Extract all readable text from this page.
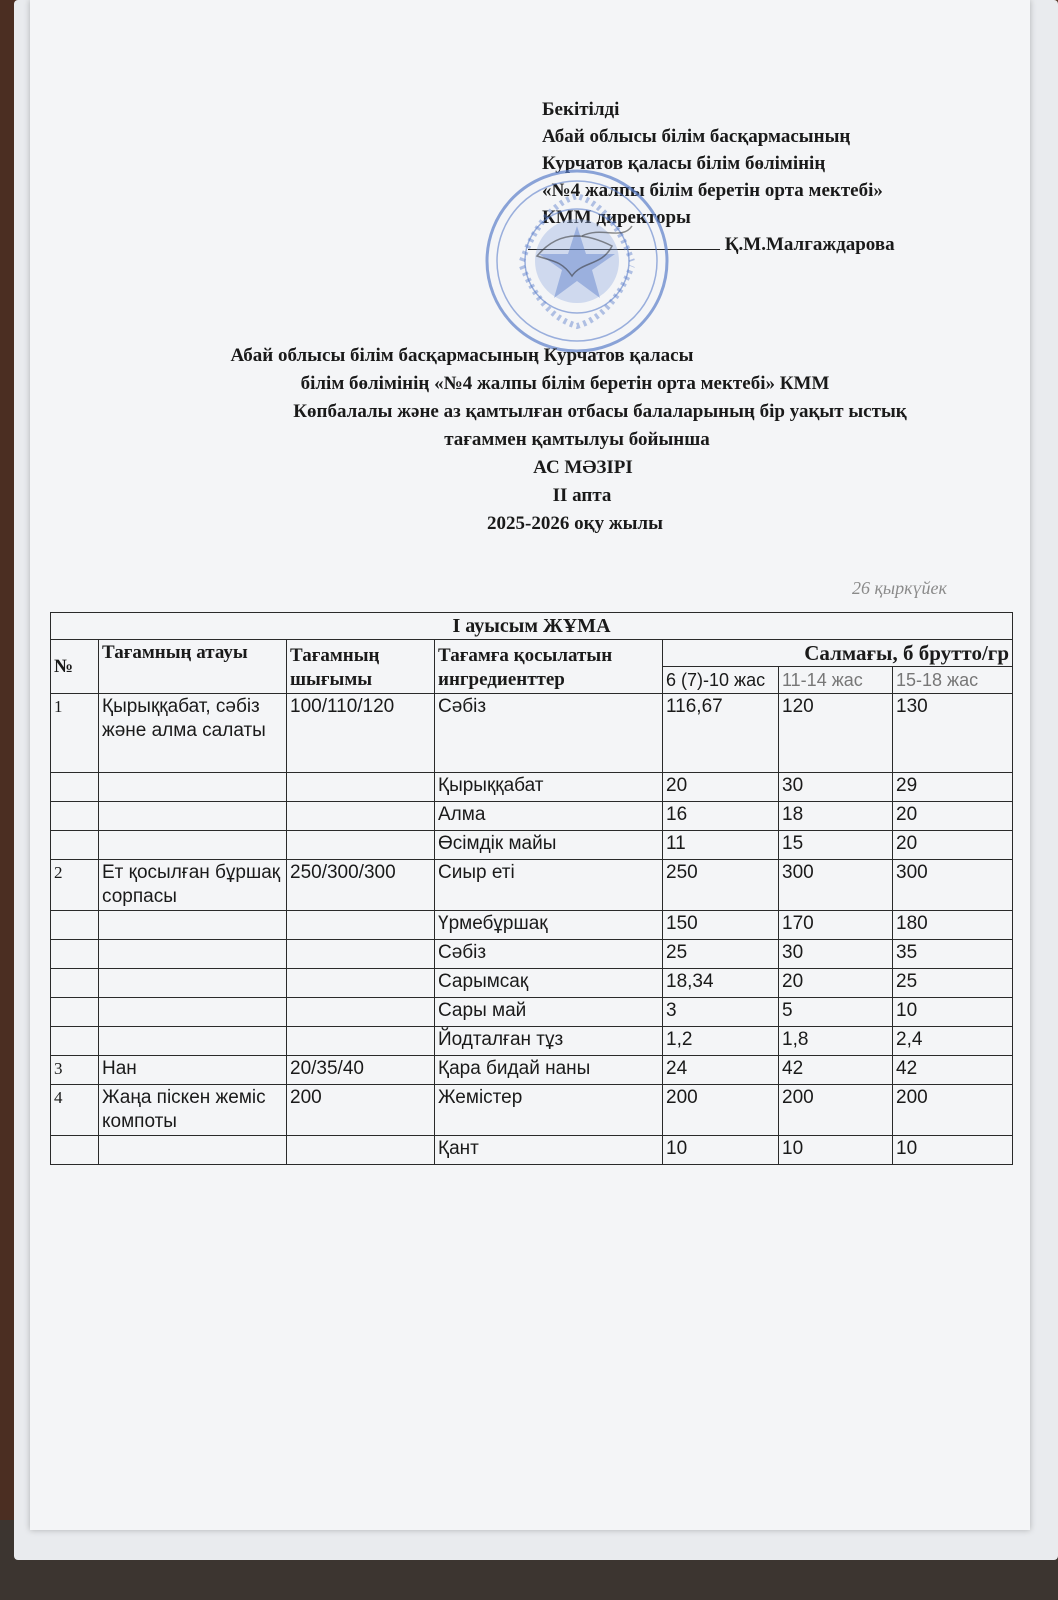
Бекітілді
Абай облысы білім басқармасының
Курчатов қаласы білім бөлімінің
«№4 жалпы білім беретін орта мектебі»
КММ директоры
Қ.М.Малгаждарова
Абай облысы білім басқармасының Курчатов қаласы
білім бөлімінің «№4 жалпы білім беретін орта мектебі» КММ
Көпбалалы және аз қамтылған отбасы балаларының бір уақыт ыстық
тағаммен қамтылуы бойынша
АС МӘЗІРІ
ІІ апта
2025-2026 оқу жылы
26 қыркүйек
І ауысым ЖҰМА						
№	Тағамның атауы	Тағамның шығымы	Тағамға қосылатын ингредиенттер	Салмағы, б брутто/гр		
				6 (7)-10 жас	11-14 жас	15-18 жас
1	Қырыққабат, сәбіз және алма салаты	100/110/120	Сәбіз	116,67	120	130
			Қырыққабат	20	30	29
			Алма	16	18	20
			Өсімдік майы	11	15	20
2	Ет қосылған бұршақ сорпасы	250/300/300	Сиыр еті	250	300	300
			Үрмебұршақ	150	170	180
			Сәбіз	25	30	35
			Сарымсақ	18,34	20	25
			Сары май	3	5	10
			Йодталған тұз	1,2	1,8	2,4
3	Нан	20/35/40	Қара бидай наны	24	42	42
4	Жаңа піскен жеміс компоты	200	Жемістер	200	200	200
			Қант	10	10	10
